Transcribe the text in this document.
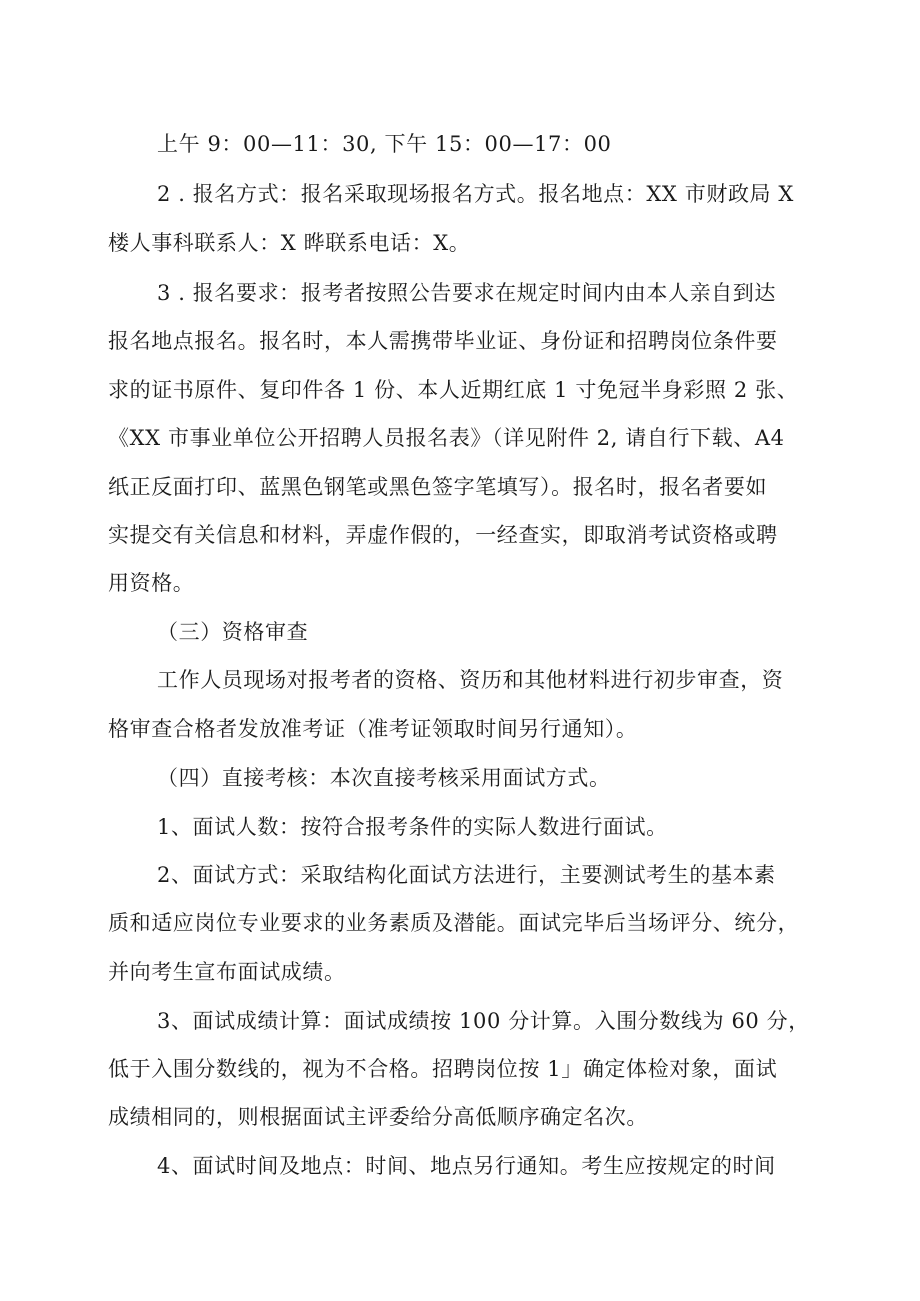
上午 9：00—11：30, 下午 15：00—17：00
2 . 报名方式：报名采取现场报名方式。报名地点：XX 市财政局 X
楼人事科联系人：X 晔联系电话：X。
3 . 报名要求：报考者按照公告要求在规定时间内由本人亲自到达
报名地点报名。报名时，本人需携带毕业证、身份证和招聘岗位条件要
求的证书原件、复印件各 1 份、本人近期红底 1 寸免冠半身彩照 2 张、
《XX 市事业单位公开招聘人员报名表》（详见附件 2, 请自行下载、A4
纸正反面打印、蓝黑色钢笔或黑色签字笔填写）。报名时，报名者要如
实提交有关信息和材料，弄虚作假的，一经查实，即取消考试资格或聘
用资格。
（三）资格审查
工作人员现场对报考者的资格、资历和其他材料进行初步审查，资
格审查合格者发放准考证（准考证领取时间另行通知）。
（四）直接考核：本次直接考核采用面试方式。
1、面试人数：按符合报考条件的实际人数进行面试。
2、面试方式：采取结构化面试方法进行，主要测试考生的基本素
质和适应岗位专业要求的业务素质及潜能。面试完毕后当场评分、统分，
并向考生宣布面试成绩。
3、面试成绩计算：面试成绩按 100 分计算。入围分数线为 60 分，
低于入围分数线的，视为不合格。招聘岗位按 1」确定体检对象，面试
成绩相同的，则根据面试主评委给分高低顺序确定名次。
4、面试时间及地点：时间、地点另行通知。考生应按规定的时间
